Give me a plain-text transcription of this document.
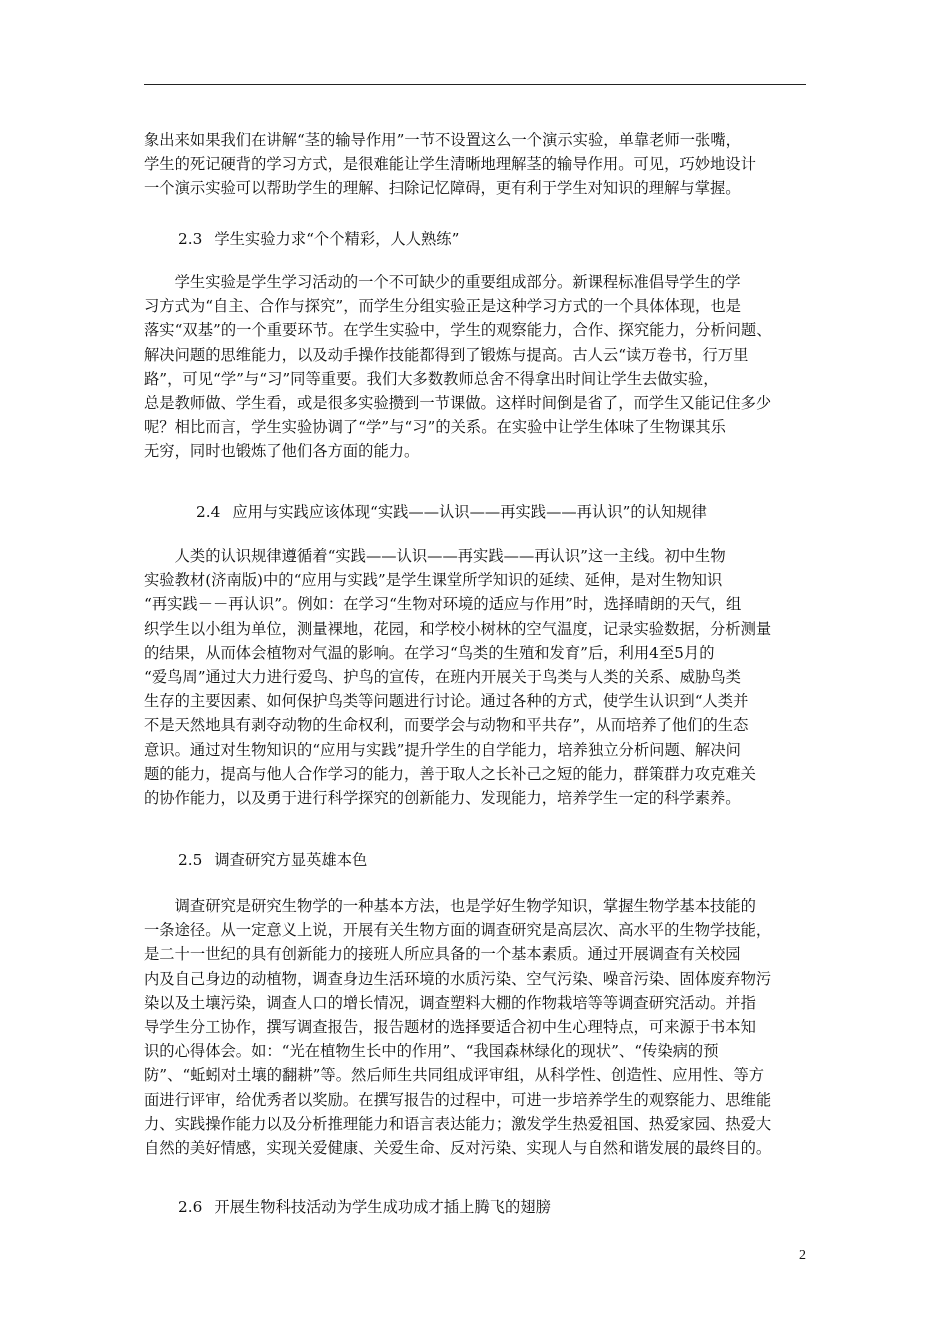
象出来如果我们在讲解“茎的输导作用”一节不设置这么一个演示实验，单靠老师一张嘴，
学生的死记硬背的学习方式，是很难能让学生清晰地理解茎的输导作用。可见，巧妙地设计
一个演示实验可以帮助学生的理解、扫除记忆障碍，更有利于学生对知识的理解与掌握。
2.3 学生实验力求“个个精彩，人人熟练”
　　学生实验是学生学习活动的一个不可缺少的重要组成部分。新课程标准倡导学生的学
习方式为“自主、合作与探究”，而学生分组实验正是这种学习方式的一个具体体现，也是
落实“双基”的一个重要环节。在学生实验中，学生的观察能力，合作、探究能力，分析问题、
解决问题的思维能力，以及动手操作技能都得到了锻炼与提高。古人云“读万卷书，行万里
路”，可见“学”与“习”同等重要。我们大多数教师总舍不得拿出时间让学生去做实验，
总是教师做、学生看，或是很多实验攒到一节课做。这样时间倒是省了，而学生又能记住多少
呢？相比而言，学生实验协调了“学”与“习”的关系。在实验中让学生体味了生物课其乐
无穷，同时也锻炼了他们各方面的能力。
2.4 应用与实践应该体现“实践——认识——再实践——再认识”的认知规律
　　人类的认识规律遵循着“实践——认识——再实践——再认识”这一主线。初中生物
实验教材(济南版)中的“应用与实践”是学生课堂所学知识的延续、延伸，是对生物知识
“再实践－－再认识”。例如：在学习“生物对环境的适应与作用”时，选择晴朗的天气，组
织学生以小组为单位，测量裸地，花园，和学校小树林的空气温度，记录实验数据，分析测量
的结果，从而体会植物对气温的影响。在学习“鸟类的生殖和发育”后，利用4至5月的
“爱鸟周”通过大力进行爱鸟、护鸟的宣传，在班内开展关于鸟类与人类的关系、威胁鸟类
生存的主要因素、如何保护鸟类等问题进行讨论。通过各种的方式，使学生认识到“人类并
不是天然地具有剥夺动物的生命权利，而要学会与动物和平共存”，从而培养了他们的生态
意识。通过对生物知识的“应用与实践”提升学生的自学能力，培养独立分析问题、解决问
题的能力，提高与他人合作学习的能力，善于取人之长补己之短的能力，群策群力攻克难关
的协作能力，以及勇于进行科学探究的创新能力、发现能力，培养学生一定的科学素养。
2.5 调查研究方显英雄本色
　　调查研究是研究生物学的一种基本方法，也是学好生物学知识，掌握生物学基本技能的
一条途径。从一定意义上说，开展有关生物方面的调查研究是高层次、高水平的生物学技能，
是二十一世纪的具有创新能力的接班人所应具备的一个基本素质。通过开展调查有关校园
内及自己身边的动植物，调查身边生活环境的水质污染、空气污染、噪音污染、固体废弃物污
染以及土壤污染，调查人口的增长情况，调查塑料大棚的作物栽培等等调查研究活动。并指
导学生分工协作，撰写调查报告，报告题材的选择要适合初中生心理特点，可来源于书本知
识的心得体会。如：“光在植物生长中的作用”、“我国森林绿化的现状”、“传染病的预
防”、“蚯蚓对土壤的翻耕”等。然后师生共同组成评审组，从科学性、创造性、应用性、等方
面进行评审，给优秀者以奖励。在撰写报告的过程中，可进一步培养学生的观察能力、思维能
力、实践操作能力以及分析推理能力和语言表达能力；激发学生热爱祖国、热爱家园、热爱大
自然的美好情感，实现关爱健康、关爱生命、反对污染、实现人与自然和谐发展的最终目的。
2.6 开展生物科技活动为学生成功成才插上腾飞的翅膀
2
